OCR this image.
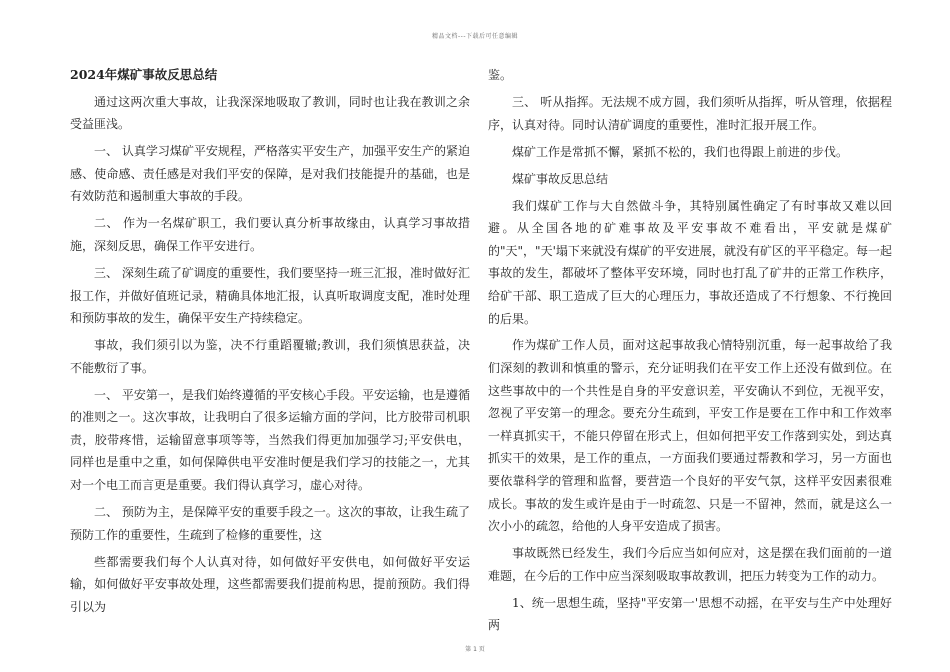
精品文档---下载后可任意编辑

2024年煤矿事故反思总结

通过这两次重大事故，让我深深地吸取了教训，同时也让我在教训之余受益匪浅。

一、 认真学习煤矿平安规程，严格落实平安生产，加强平安生产的紧迫感、使命感、责任感是对我们平安的保障，是对我们技能提升的基础，也是有效防范和遏制重大事故的手段。

二、 作为一名煤矿职工，我们要认真分析事故缘由，认真学习事故措施，深刻反思，确保工作平安进行。

三、 深刻生疏了矿调度的重要性，我们要坚持一班三汇报，准时做好汇报工作，并做好值班记录，精确具体地汇报，认真听取调度支配，准时处理和预防事故的发生，确保平安生产持续稳定。

事故，我们须引以为鉴，决不行重蹈覆辙;教训，我们须慎思获益，决不能敷衍了事。

一、 平安第一，是我们始终遵循的平安核心手段。平安运输，也是遵循的准则之一。这次事故，让我明白了很多运输方面的学问，比方胶带司机职责，胶带疼惜，运输留意事项等等，当然我们得更加加强学习;平安供电，同样也是重中之重，如何保障供电平安准时便是我们学习的技能之一，尤其对一个电工而言更是重要。我们得认真学习，虚心对待。

二、 预防为主，是保障平安的重要手段之一。这次的事故，让我生疏了预防工作的重要性，生疏到了检修的重要性，这

些都需要我们每个人认真对待，如何做好平安供电，如何做好平安运输，如何做好平安事故处理，这些都需要我们提前构思，提前预防。我们得引以为

鉴。

三、 听从指挥。无法规不成方圆，我们须听从指挥，听从管理，依据程序，认真对待。同时认清矿调度的重要性，准时汇报开展工作。

煤矿工作是常抓不懈，紧抓不松的，我们也得跟上前进的步伐。

煤矿事故反思总结

我们煤矿工作与大自然做斗争，其特别属性确定了有时事故又难以回避。从全国各地的矿难事故及平安事故不难看出，平安就是煤矿的"天"，"天'塌下来就没有煤矿的平安进展，就没有矿区的平平稳定。每一起事故的发生，都破坏了整体平安环境，同时也打乱了矿井的正常工作秩序，给矿干部、职工造成了巨大的心理压力，事故还造成了不行想象、不行挽回的后果。

作为煤矿工作人员，面对这起事故我心情特别沉重，每一起事故给了我们深刻的教训和慎重的警示，充分证明我们在平安工作上还没有做到位。在这些事故中的一个共性是自身的平安意识差，平安确认不到位，无视平安，忽视了平安第一的理念。要充分生疏到，平安工作是要在工作中和工作效率一样真抓实干，不能只停留在形式上，但如何把平安工作落到实处，到达真抓实干的效果，是工作的重点，一方面我们要通过帮教和学习，另一方面也要依靠科学的管理和监督，要营造一个良好的平安气氛，这样平安因素很难成长。事故的发生或许是由于一时疏忽、只是一不留神，然而，就是这么一次小小的疏忽，给他的人身平安造成了损害。

事故既然已经发生，我们今后应当如何应对，这是摆在我们面前的一道难题，在今后的工作中应当深刻吸取事故教训，把压力转变为工作的动力。

1、统一思想生疏，坚持"平安第一'思想不动摇，在平安与生产中处理好两

第 1 页
